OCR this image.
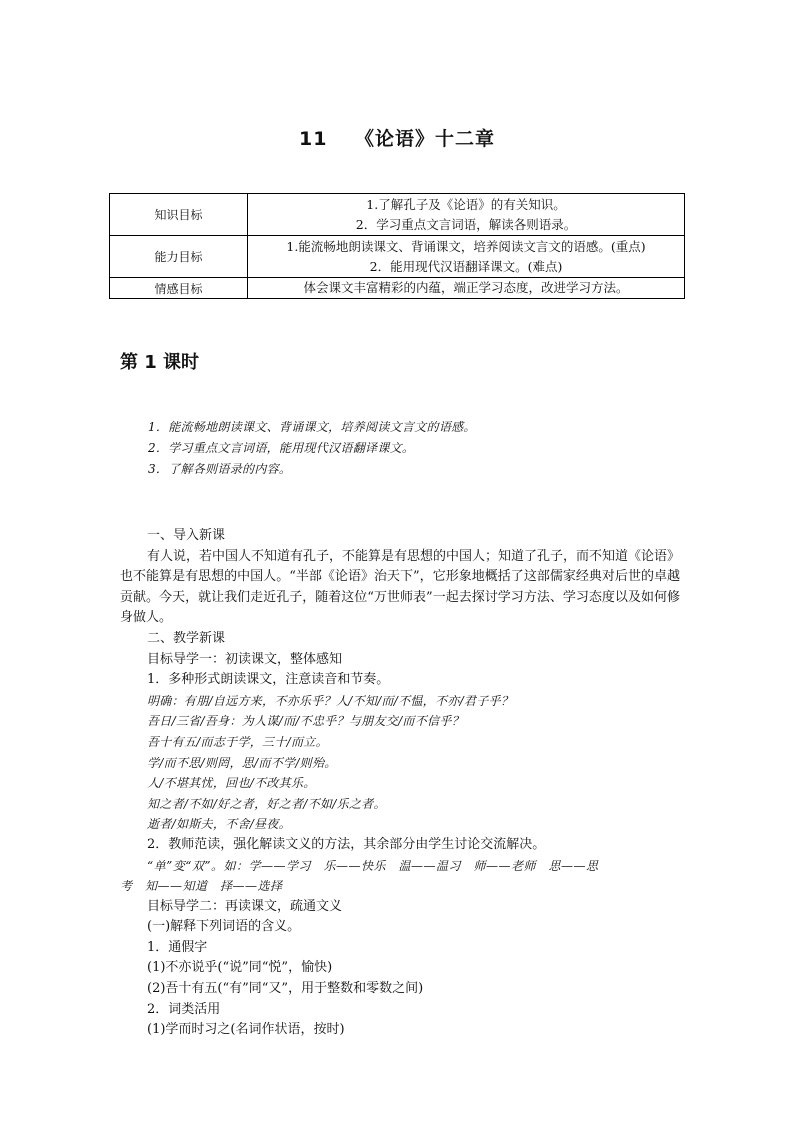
11　 《论语》十二章
知识目标	1.了解孔子及《论语》的有关知识。
2．学习重点文言词语，解读各则语录。

能力目标	1.能流畅地朗读课文、背诵课文，培养阅读文言文的语感。(重点)
2．能用现代汉语翻译课文。(难点)

情感目标	体会课文丰富精彩的内蕴，端正学习态度，改进学习方法。
第 1 课时
1．能流畅地朗读课文、背诵课文，培养阅读文言文的语感。
2．学习重点文言词语，能用现代汉语翻译课文。
3．了解各则语录的内容。
一、导入新课
有人说，若中国人不知道有孔子，不能算是有思想的中国人；知道了孔子，而不知道《论语》也不能算是有思想的中国人。“半部《论语》治天下”，它形象地概括了这部儒家经典对后世的卓越贡献。今天，就让我们走近孔子，随着这位“万世师表”一起去探讨学习方法、学习态度以及如何修身做人。
二、教学新课
目标导学一：初读课文，整体感知
1．多种形式朗读课文，注意读音和节奏。
明确：有朋/自远方来，不亦乐乎？人/不知/而/不愠，不亦/君子乎？
吾日/三省/吾身：为人谋/而/不忠乎？与朋友交/而不信乎？
吾十有五/而志于学，三十/而立。
学/而不思/则罔，思/而不学/则殆。
人/不堪其忧，回也/不改其乐。
知之者/不如/好之者，好之者/不如/乐之者。
逝者/如斯夫，不舍/昼夜。
2．教师范读，强化解读文义的方法，其余部分由学生讨论交流解决。
“单”变“双”。如：学——学习　乐——快乐　温——温习　师——老师　思——思
考　知——知道　择——选择
目标导学二：再读课文，疏通文义
(一)解释下列词语的含义。
1．通假字
(1)不亦说乎(“说”同“悦”，愉快)
(2)吾十有五(“有”同“又”，用于整数和零数之间)
2．词类活用
(1)学而时习之(名词作状语，按时)
